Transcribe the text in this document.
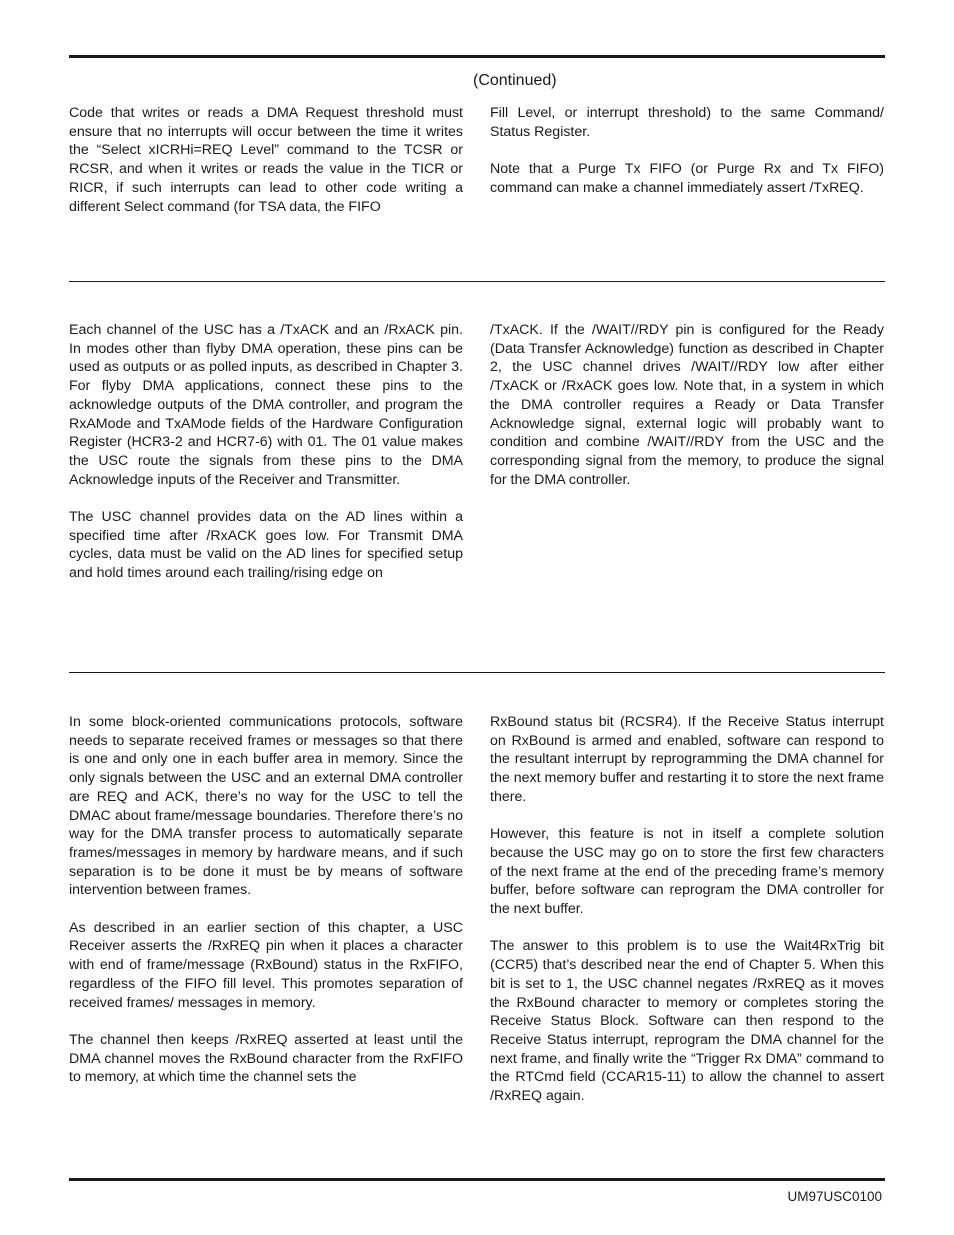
(Continued)

Code that writes or reads a DMA Request threshold must ensure that no interrupts will occur between the time it writes the “Select xICRHi=REQ Level” command to the TCSR or RCSR, and when it writes or reads the value in the TICR or RICR, if such interrupts can lead to other code writing a different Select command (for TSA data, the FIFO

Fill Level, or interrupt threshold) to the same Command/ Status Register.

Note that a Purge Tx FIFO (or Purge Rx and Tx FIFO) command can make a channel immediately assert /TxREQ.

Each channel of the USC has a /TxACK and an /RxACK pin. In modes other than flyby DMA operation, these pins can be used as outputs or as polled inputs, as described in Chapter 3. For flyby DMA applications, connect these pins to the acknowledge outputs of the DMA controller, and program the RxAMode and TxAMode fields of the Hardware Configuration Register (HCR3-2 and HCR7-6) with 01. The 01 value makes the USC route the signals from these pins to the DMA Acknowledge inputs of the Receiver and Transmitter.

The USC channel provides data on the AD lines within a specified time after /RxACK goes low. For Transmit DMA cycles, data must be valid on the AD lines for specified setup and hold times around each trailing/rising edge on

/TxACK. If the /WAIT//RDY pin is configured for the Ready (Data Transfer Acknowledge) function as described in Chapter 2, the USC channel drives /WAIT//RDY low after either /TxACK or /RxACK goes low. Note that, in a system in which the DMA controller requires a Ready or Data Transfer Acknowledge signal, external logic will probably want to condition and combine /WAIT//RDY from the USC and the corresponding signal from the memory, to produce the signal for the DMA controller.

In some block-oriented communications protocols, software needs to separate received frames or messages so that there is one and only one in each buffer area in memory. Since the only signals between the USC and an external DMA controller are REQ and ACK, there’s no way for the USC to tell the DMAC about frame/message boundaries. Therefore there’s no way for the DMA transfer process to automatically separate frames/messages in memory by hardware means, and if such separation is to be done it must be by means of software intervention between frames.

As described in an earlier section of this chapter, a USC Receiver asserts the /RxREQ pin when it places a character with end of frame/message (RxBound) status in the RxFIFO, regardless of the FIFO fill level. This promotes separation of received frames/ messages in memory.

The channel then keeps /RxREQ asserted at least until the DMA channel moves the RxBound character from the RxFIFO to memory, at which time the channel sets the

RxBound status bit (RCSR4). If the Receive Status interrupt on RxBound is armed and enabled, software can respond to the resultant interrupt by reprogramming the DMA channel for the next memory buffer and restarting it to store the next frame there.

However, this feature is not in itself a complete solution because the USC may go on to store the first few characters of the next frame at the end of the preceding frame’s memory buffer, before software can reprogram the DMA controller for the next buffer.

The answer to this problem is to use the Wait4RxTrig bit (CCR5) that’s described near the end of Chapter 5. When this bit is set to 1, the USC channel negates /RxREQ as it moves the RxBound character to memory or completes storing the Receive Status Block. Software can then respond to the Receive Status interrupt, reprogram the DMA channel for the next frame, and finally write the “Trigger Rx DMA” command to the RTCmd field (CCAR15-11) to allow the channel to assert /RxREQ again.

UM97USC0100
